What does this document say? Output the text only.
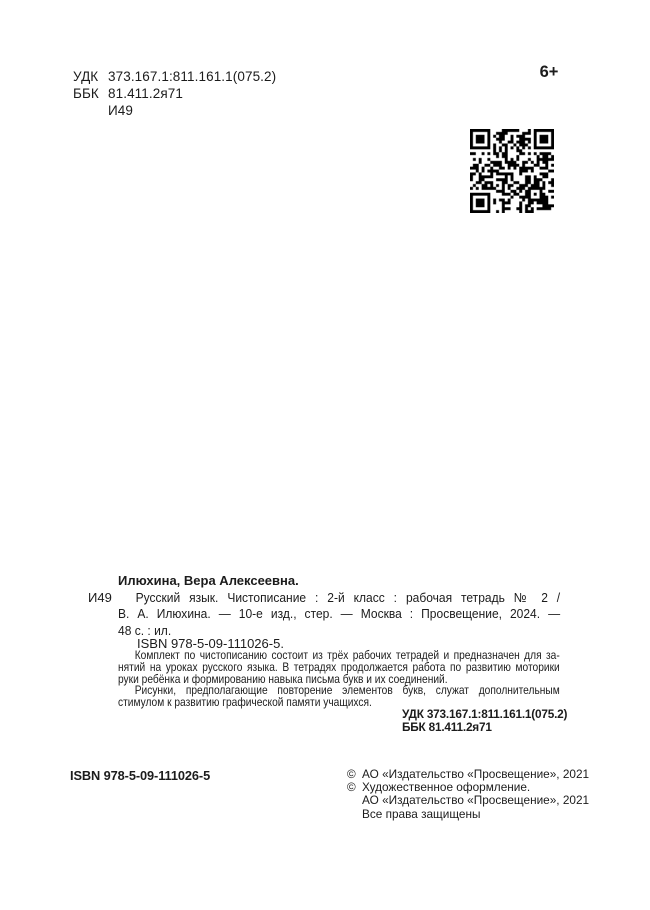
УДК 373.167.1:811.161.1(075.2)
ББК 81.411.2я71
И49
6+
И49
Илюхина, Вера Алексеевна.
Русский язык. Чистописание : 2-й класс : рабочая тетрадь № 2 /
В. А. Илюхина. — 10-е изд., стер. — Москва : Просвещение, 2024. —
48 с. : ил.
ISBN 978-5-09-111026-5.
Комплект по чистописанию состоит из трёх рабочих тетрадей и предназначен для за-
нятий на уроках русского языка. В тетрадях продолжается работа по развитию моторики
руки ребёнка и формированию навыка письма букв и их соединений.
Рисунки, предполагающие повторение элементов букв, служат дополнительным
стимулом к развитию графической памяти учащихся.
УДК 373.167.1:811.161.1(075.2)
ББК 81.411.2я71
ISBN 978-5-09-111026-5	© АО «Издательство «Просвещение», 2021
© Художественное оформление.
АО «Издательство «Просвещение», 2021
Все права защищены
